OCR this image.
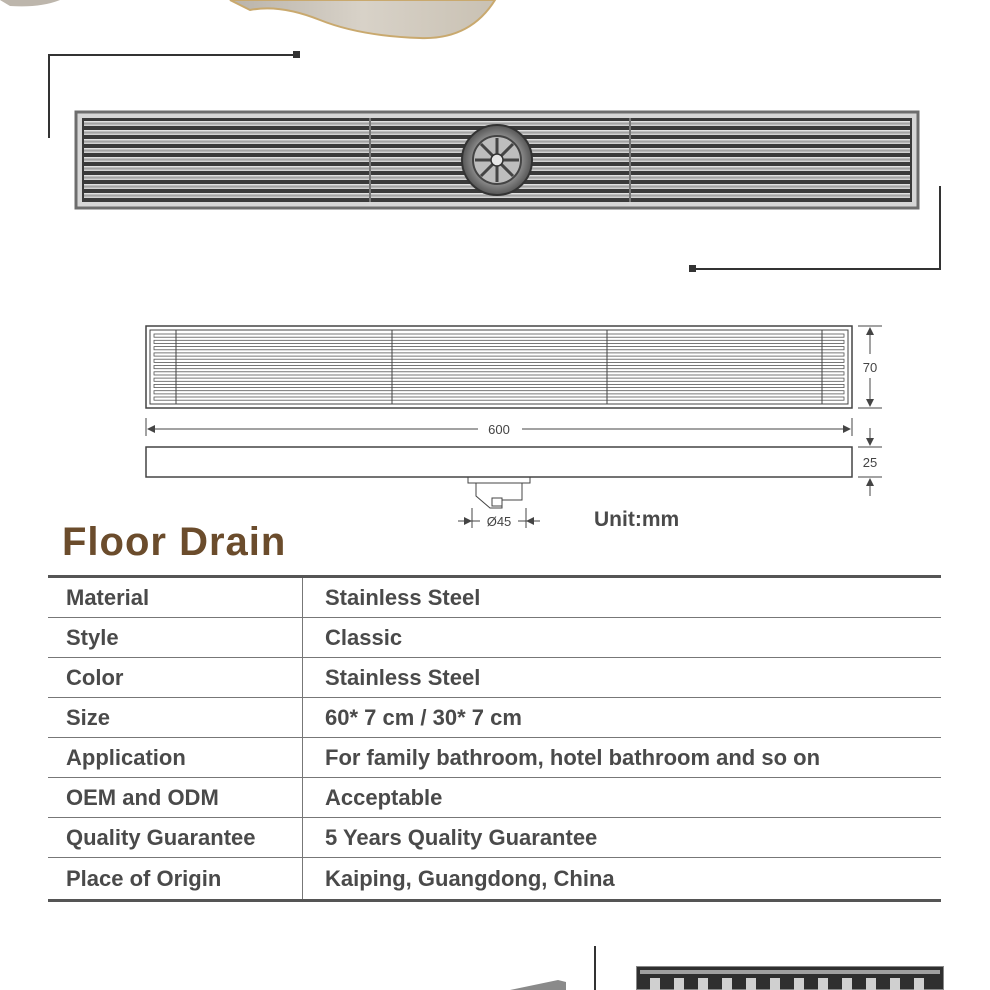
70
600
25
Ø45	Unit:mm
Floor Drain
Material	Stainless Steel
Style	Classic
Color	Stainless Steel
Size	60* 7 cm / 30* 7 cm
Application	For family bathroom, hotel bathroom and so on
OEM and ODM	Acceptable
Quality Guarantee	5 Years Quality Guarantee
Place of Origin	Kaiping, Guangdong, China
